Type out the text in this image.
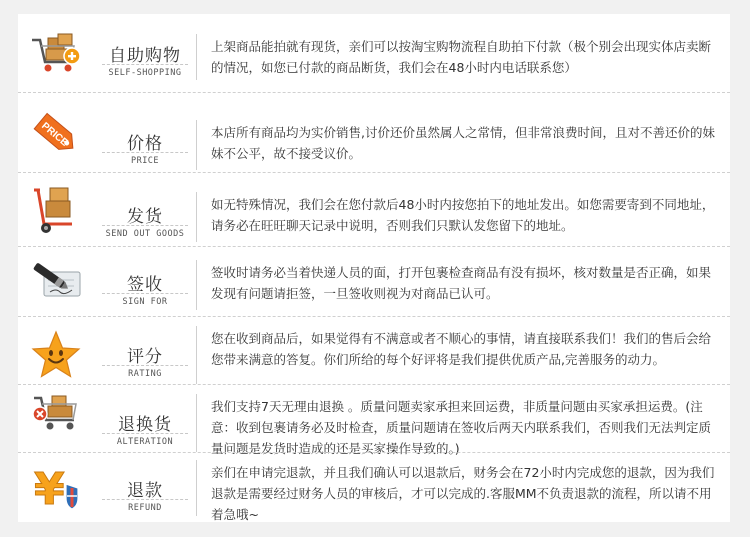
自助购物
SELF-SHOPPING
上架商品能拍就有现货，亲们可以按淘宝购物流程自助拍下付款（极个别会出现实体店卖断的情况，如您已付款的商品断货，我们会在48小时内电话联系您）
PRICE	价格
PRICE
本店所有商品均为实价销售,讨价还价虽然属人之常情，但非常浪费时间，且对不善还价的妹妹不公平，故不接受议价。
发货
SEND OUT GOODS
如无特殊情况，我们会在您付款后48小时内按您拍下的地址发出。如您需要寄到不同地址，请务必在旺旺聊天记录中说明，否则我们只默认发您留下的地址。
签收
SIGN FOR
签收时请务必当着快递人员的面，打开包裹检查商品有没有损坏，核对数量是否正确，如果发现有问题请拒签，一旦签收则视为对商品已认可。
评分
RATING
您在收到商品后，如果觉得有不满意或者不顺心的事情，请直接联系我们！我们的售后会给您带来满意的答复。你们所给的每个好评将是我们提供优质产品,完善服务的动力。
退换货
ALTERATION
我们支持7天无理由退换 。质量问题卖家承担来回运费，非质量问题由买家承担运费。(注意：收到包裹请务必及时检查，质量问题请在签收后两天内联系我们，否则我们无法判定质量问题是发货时造成的还是买家操作导致的。)
¥	退款
REFUND
亲们在申请完退款，并且我们确认可以退款后，财务会在72小时内完成您的退款，因为我们退款是需要经过财务人员的审核后，才可以完成的.客服MM不负责退款的流程，所以请不用着急哦~
